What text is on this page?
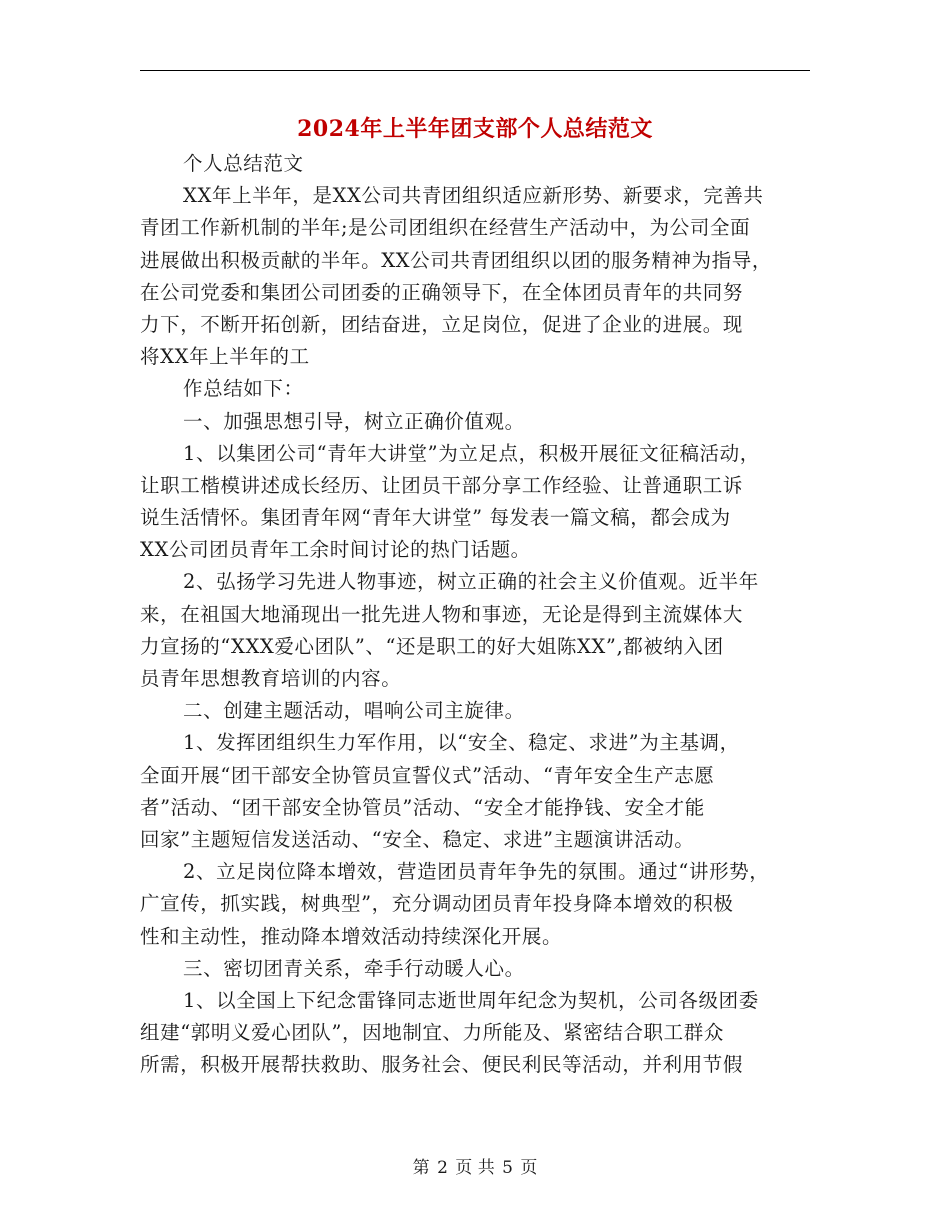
2024年上半年团支部个人总结范文
个人总结范文
XX年上半年，是XX公司共青团组织适应新形势、新要求，完善共
青团工作新机制的半年;是公司团组织在经营生产活动中，为公司全面
进展做出积极贡献的半年。XX公司共青团组织以团的服务精神为指导，
在公司党委和集团公司团委的正确领导下，在全体团员青年的共同努
力下，不断开拓创新，团结奋进，立足岗位，促进了企业的进展。现
将XX年上半年的工
作总结如下：
一、加强思想引导，树立正确价值观。
1、以集团公司“青年大讲堂”为立足点，积极开展征文征稿活动，
让职工楷模讲述成长经历、让团员干部分享工作经验、让普通职工诉
说生活情怀。集团青年网“青年大讲堂” 每发表一篇文稿，都会成为
XX公司团员青年工余时间讨论的热门话题。
2、弘扬学习先进人物事迹，树立正确的社会主义价值观。近半年
来，在祖国大地涌现出一批先进人物和事迹，无论是得到主流媒体大
力宣扬的“XXX爱心团队”、“还是职工的好大姐陈XX”,都被纳入团
员青年思想教育培训的内容。
二、创建主题活动，唱响公司主旋律。
1、发挥团组织生力军作用，以“安全、稳定、求进”为主基调，
全面开展“团干部安全协管员宣誓仪式”活动、“青年安全生产志愿
者”活动、“团干部安全协管员”活动、“安全才能挣钱、安全才能
回家”主题短信发送活动、“安全、稳定、求进”主题演讲活动。
2、立足岗位降本增效，营造团员青年争先的氛围。通过“讲形势，
广宣传，抓实践，树典型”，充分调动团员青年投身降本增效的积极
性和主动性，推动降本增效活动持续深化开展。
三、密切团青关系，牵手行动暖人心。
1、以全国上下纪念雷锋同志逝世周年纪念为契机，公司各级团委
组建“郭明义爱心团队”，因地制宜、力所能及、紧密结合职工群众
所需，积极开展帮扶救助、服务社会、便民利民等活动，并利用节假
第 2 页 共 5 页
